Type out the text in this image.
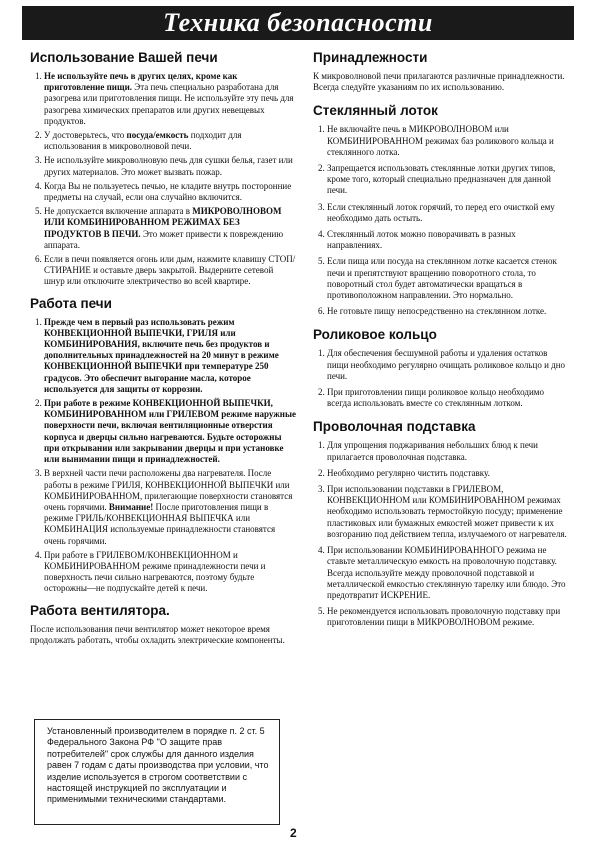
Техника безопасности
Использование Вашей печи
1. Не используйте печь в других целях, кроме как приготовление пищи. Эта печь специально разработана для разогрева или приготовления пищи. Не используйте эту печь для разогрева химических препаратов или других невещевых продуктов.
2. У достоверьтесь, что посуда/емкость подходит для использования в микроволновой печи.
3. Не используйте микроволновую печь для сушки белья, газет или других материалов. Это может вызвать пожар.
4. Когда Вы не пользуетесь печью, не кладите внутрь посторонние предметы на случай, если она случайно включится.
5. Не допускается включение аппарата в МИКРОВОЛНОВОМ ИЛИ КОМБИНИРОВАННОМ РЕЖИМАХ БЕЗ ПРОДУКТОВ В ПЕЧИ. Это может привести к повреждению аппарата.
6. Если в печи появляется огонь или дым, нажмите клавишу СТОП/СТИРАНИЕ и оставьте дверь закрытой. Выдерните сетевой шнур или отключите электричество во всей квартире.
Работа печи
1. Прежде чем в первый раз использовать режим КОНВЕКЦИОННОЙ ВЫПЕЧКИ, ГРИЛЯ или КОМБИНИРОВАНИЯ, включите печь без продуктов и дополнительных принадлежностей на 20 минут в режиме КОНВЕКЦИОННОЙ ВЫПЕЧКИ при температуре 250 градусов. Это обеспечит выгорание масла, которое используется для защиты от коррозии.
2. При работе в режиме КОНВЕКЦИОННОЙ ВЫПЕЧКИ, КОМБИНИРОВАННОМ или ГРИЛЕВОМ режиме наружные поверхности печи, включая вентиляционные отверстия корпуса и дверцы сильно нагреваются. Будьте осторожны при открывании или закрывании дверцы и при установке или вынимании пищи и принадлежностей.
3. В верхней части печи расположены два нагревателя. После работы в режиме ГРИЛЯ, КОНВЕКЦИОННОЙ ВЫПЕЧКИ или КОМБИНИРОВАННОМ, прилегающие поверхности становятся очень горячими. Внимание! После приготовления пищи в режиме ГРИЛЬ/КОНВЕКЦИОННАЯ ВЫПЕЧКА или КОМБИНАЦИЯ используемые принадлежности становятся очень горячими.
4. При работе в ГРИЛЕВОМ/КОНВЕКЦИОННОМ и КОМБИНИРОВАННОМ режиме принадлежности печи и поверхность печи сильно нагреваются, поэтому будьте осторожны—не подпускайте детей к печи.
Работа вентилятора.

После использования печи вентилятор может некоторое время продолжать работать, чтобы охладить электрические компоненты.

Установленный производителем в порядке п. 2 ст. 5 Федерального Закона РФ "О защите прав потребителей" срок службы для данного изделия равен 7 годам с даты производства при условии, что изделие используется в строгом соответствии с настоящей инструкцией по эксплуатации и применимыми техническими стандартами.
Принадлежности

К микроволновой печи прилагаются различные принадлежности. Всегда следуйте указаниям по их использованию.

Стеклянный лоток
1. Не включайте печь в МИКРОВОЛНОВОМ или КОМБИНИРОВАННОМ режимах баз роликового кольца и стеклянного лотка.
2. Запрещается использовать стеклянные лотки других типов, кроме того, который специально предназначен для данной печи.
3. Если стеклянный лоток горячий, то перед его очисткой ему необходимо дать остыть.
4. Стеклянный лоток можно поворачивать в разных направлениях.
5. Если пища или посуда на стеклянном лотке касается стенок печи и препятствуют вращению поворотного стола, то поворотный стол будет автоматически вращаться в противоположном направлении. Это нормально.
6. Не готовьте пищу непосредственно на стеклянном лотке.
Роликовое кольцо
1. Для обеспечения бесшумной работы и удаления остатков пищи необходимо регулярно очищать роликовое кольцо и дно печи.
2. При приготовлении пищи роликовое кольцо необходимо всегда использовать вместе со стеклянным лотком.
Проволочная подставка
1. Для упрощения поджаривания небольших блюд к печи прилагается проволочная подставка.
2. Необходимо регулярно чистить подставку.
3. При использовании подставки в ГРИЛЕВОМ, КОНВЕКЦИОННОМ или КОМБИНИРОВАННОМ режимах необходимо использовать термостойкую посуду; применение пластиковых или бумажных емкостей может привести к их возгоранию под действием тепла, излучаемого от нагревателя.
4. При использовании КОМБИНИРОВАННОГО режима не ставьте металлическую емкость на проволочную подставку. Всегда используйте между проволочной подставкой и металлической емкостью стеклянную тарелку или блюдо. Это предотвратит ИСКРЕНИЕ.
5. Не рекомендуется использовать проволочную подставку при приготовлении пищи в МИКРОВОЛНОВОМ режиме.
2
